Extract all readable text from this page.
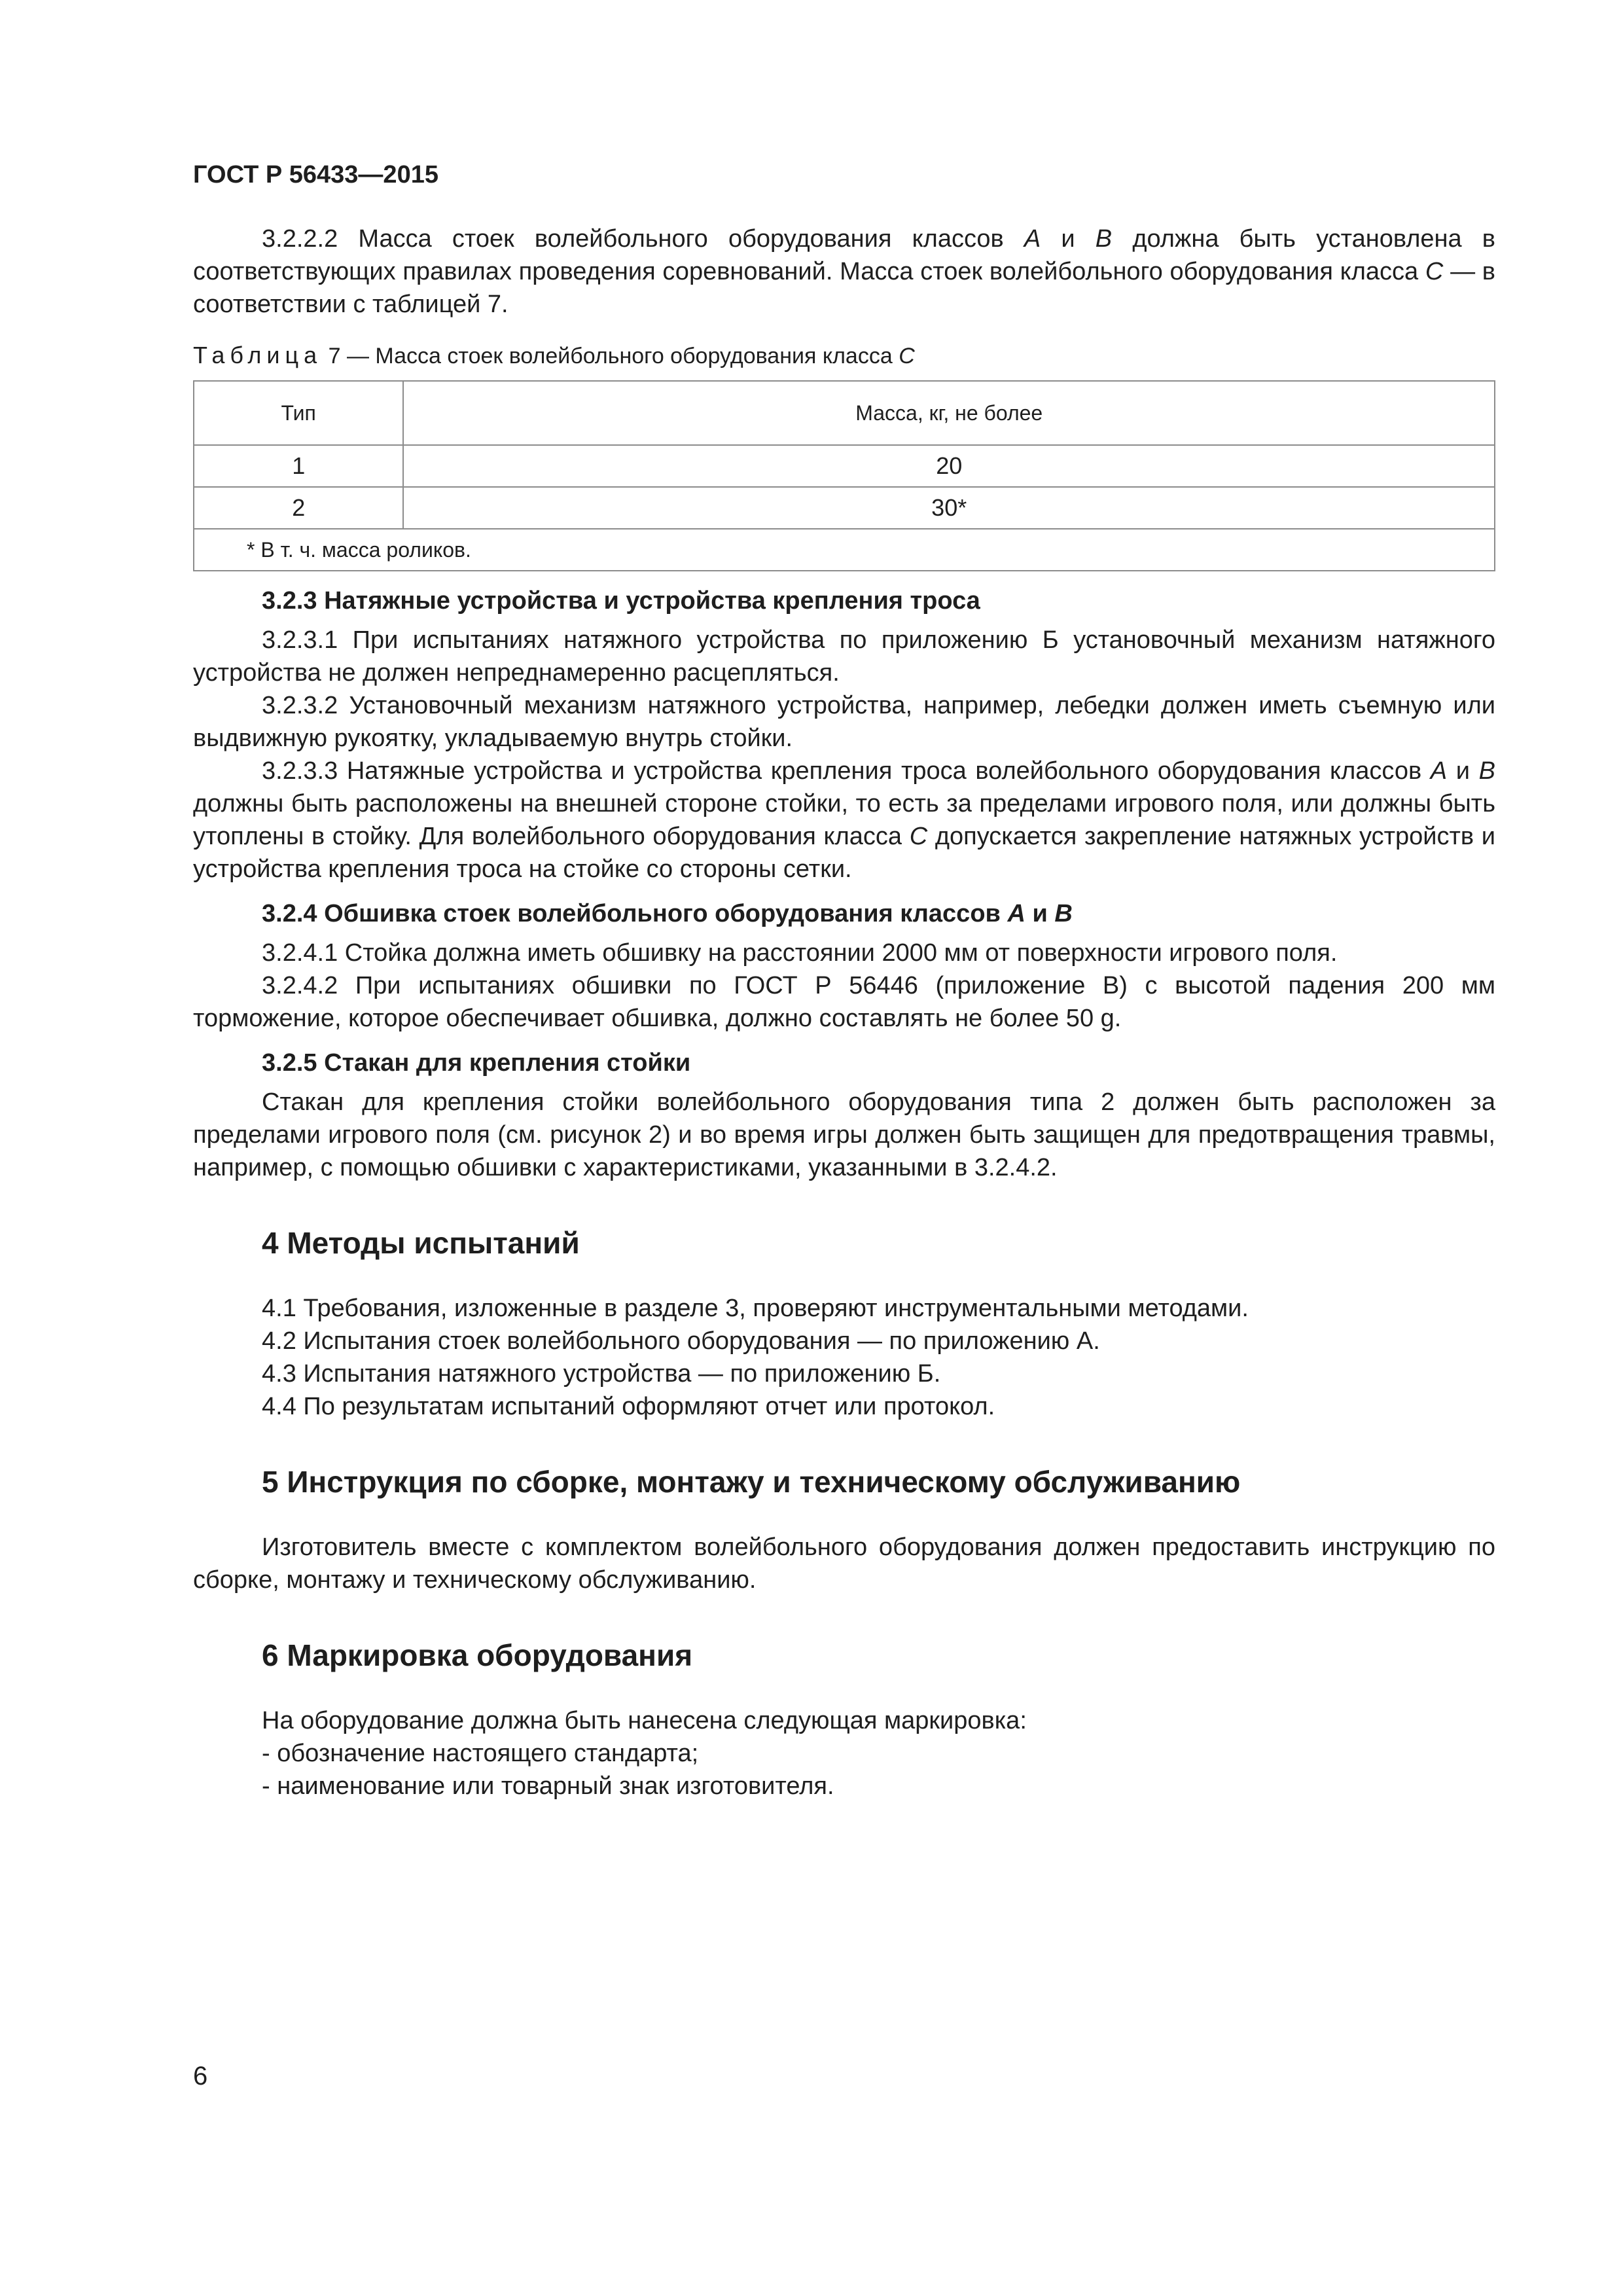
ГОСТ Р 56433—2015

3.2.2.2 Масса стоек волейбольного оборудования классов А и В должна быть установлена в соответствующих правилах проведения соревнований. Масса стоек волейбольного оборудования класса С — в соответствии с таблицей 7.

Таблица 7 — Масса стоек волейбольного оборудования класса С
Тип	Масса, кг, не более
1	20
2	30*
* В т. ч. масса роликов.	

3.2.3 Натяжные устройства и устройства крепления троса

3.2.3.1 При испытаниях натяжного устройства по приложению Б установочный механизм натяжного устройства не должен непреднамеренно расцепляться.

3.2.3.2 Установочный механизм натяжного устройства, например, лебедки должен иметь съемную или выдвижную рукоятку, укладываемую внутрь стойки.

3.2.3.3 Натяжные устройства и устройства крепления троса волейбольного оборудования классов А и В должны быть расположены на внешней стороне стойки, то есть за пределами игрового поля, или должны быть утоплены в стойку. Для волейбольного оборудования класса С допускается закрепление натяжных устройств и устройства крепления троса на стойке со стороны сетки.

3.2.4 Обшивка стоек волейбольного оборудования классов А и В

3.2.4.1 Стойка должна иметь обшивку на расстоянии 2000 мм от поверхности игрового поля.

3.2.4.2 При испытаниях обшивки по ГОСТ Р 56446 (приложение В) с высотой падения 200 мм торможение, которое обеспечивает обшивка, должно составлять не более 50 g.

3.2.5 Стакан для крепления стойки

Стакан для крепления стойки волейбольного оборудования типа 2 должен быть расположен за пределами игрового поля (см. рисунок 2) и во время игры должен быть защищен для предотвращения травмы, например, с помощью обшивки с характеристиками, указанными в 3.2.4.2.

4 Методы испытаний

4.1 Требования, изложенные в разделе 3, проверяют инструментальными методами.

4.2 Испытания стоек волейбольного оборудования — по приложению А.

4.3 Испытания натяжного устройства — по приложению Б.

4.4 По результатам испытаний оформляют отчет или протокол.

5 Инструкция по сборке, монтажу и техническому обслуживанию

Изготовитель вместе с комплектом волейбольного оборудования должен предоставить инструкцию по сборке, монтажу и техническому обслуживанию.

6 Маркировка оборудования

На оборудование должна быть нанесена следующая маркировка:

- обозначение настоящего стандарта;

- наименование или товарный знак изготовителя.

6
